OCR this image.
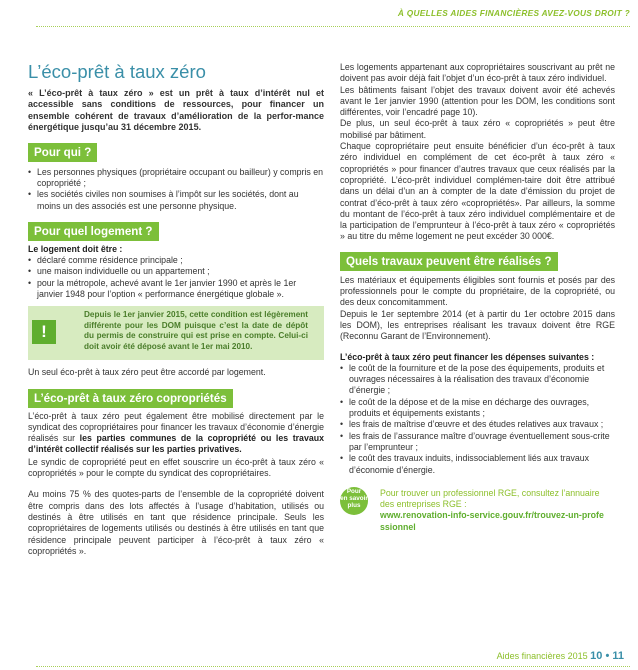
À QUELLES AIDES FINANCIÈRES AVEZ-VOUS DROIT ?
L’éco-prêt à taux zéro

« L’éco-prêt à taux zéro » est un prêt à taux d’intérêt nul et accessible sans conditions de ressources, pour financer un ensemble cohérent de travaux d’amélioration de la perfor-mance énergétique jusqu’au 31 décembre 2015.

Pour qui ?
• Les personnes physiques (propriétaire occupant ou bailleur) y compris en copropriété ;
• les sociétés civiles non soumises à l’impôt sur les sociétés, dont au moins un des associés est une personne physique.
Pour quel logement ?

Le logement doit être :

• déclaré comme résidence principale ;
• une maison individuelle ou un appartement ;
• pour la métropole, achevé avant le 1er janvier 1990 et après le 1er janvier 1948 pour l’option « performance énergétique globale ».
!
Depuis le 1er janvier 2015, cette condition est légèrement différente pour les DOM puisque c’est la date de dépôt du permis de construire qui est prise en compte. Celui-ci doit avoir été déposé avant le 1er mai 2010.

Un seul éco-prêt à taux zéro peut être accordé par logement.

L’éco-prêt à taux zéro copropriétés

L’éco-prêt à taux zéro peut également être mobilisé directement par le syndicat des copropriétaires pour financer les travaux d’économie d’énergie réalisés sur les parties communes de la copropriété ou les travaux d’intérêt collectif réalisés sur les parties privatives.

Le syndic de copropriété peut en effet souscrire un éco-prêt à taux zéro « copropriétés » pour le compte du syndicat des copropriétaires.

Au moins 75 % des quotes-parts de l’ensemble de la copropriété doivent être compris dans des lots affectés à l’usage d’habitation, utilisés ou destinés à être utilisés en tant que résidence principale. Seuls les copropriétaires de logements utilisés ou destinés à être utilisés en tant que résidence principale peuvent participer à l’éco-prêt à taux zéro « copropriétés ».

Les logements appartenant aux copropriétaires souscrivant au prêt ne doivent pas avoir déjà fait l’objet d’un éco-prêt à taux zéro individuel.

Les bâtiments faisant l’objet des travaux doivent avoir été achevés avant le 1er janvier 1990 (attention pour les DOM, les conditions sont différentes, voir l’encadré page 10).

De plus, un seul éco-prêt à taux zéro « copropriétés » peut être mobilisé par bâtiment.

Chaque copropriétaire peut ensuite bénéficier d’un éco-prêt à taux zéro individuel en complément de cet éco-prêt à taux zéro « copropriétés » pour financer d’autres travaux que ceux réalisés par la copropriété. L’éco-prêt individuel complémen-taire doit être attribué dans un délai d’un an à compter de la date d’émission du projet de contrat d’éco-prêt à taux zéro «copropriétés». Par ailleurs, la somme du montant de l’éco-prêt à taux zéro individuel complémentaire et de la participation de l’emprunteur à l’éco-prêt à taux zéro « copropriétés » au titre du même logement ne peut excéder 30 000€.

Quels travaux peuvent être réalisés ?

Les matériaux et équipements éligibles sont fournis et posés par des professionnels pour le compte du propriétaire, de la copropriété, ou des deux concomitamment.

Depuis le 1er septembre 2014 (et à partir du 1er octobre 2015 dans les DOM), les entreprises réalisant les travaux doivent être RGE (Reconnu Garant de l’Environnement).

L’éco-prêt à taux zéro peut financer les dépenses suivantes :

• le coût de la fourniture et de la pose des équipements, produits et ouvrages nécessaires à la réalisation des travaux d’économie d’énergie ;
• le coût de la dépose et de la mise en décharge des ouvrages, produits et équipements existants ;
• les frais de maîtrise d’œuvre et des études relatives aux travaux ;
• les frais de l’assurance maître d’ouvrage éventuellement sous-crite par l’emprunteur ;
• le coût des travaux induits, indissociablement liés aux travaux d’économie d’énergie.
Pour
en savoir
plus

Pour trouver un professionnel RGE, consultez l’annuaire des entreprises RGE :

www.renovation-info-service.gouv.fr/trouvez-un-professionnel
Aides financières 2015 10 • 11
